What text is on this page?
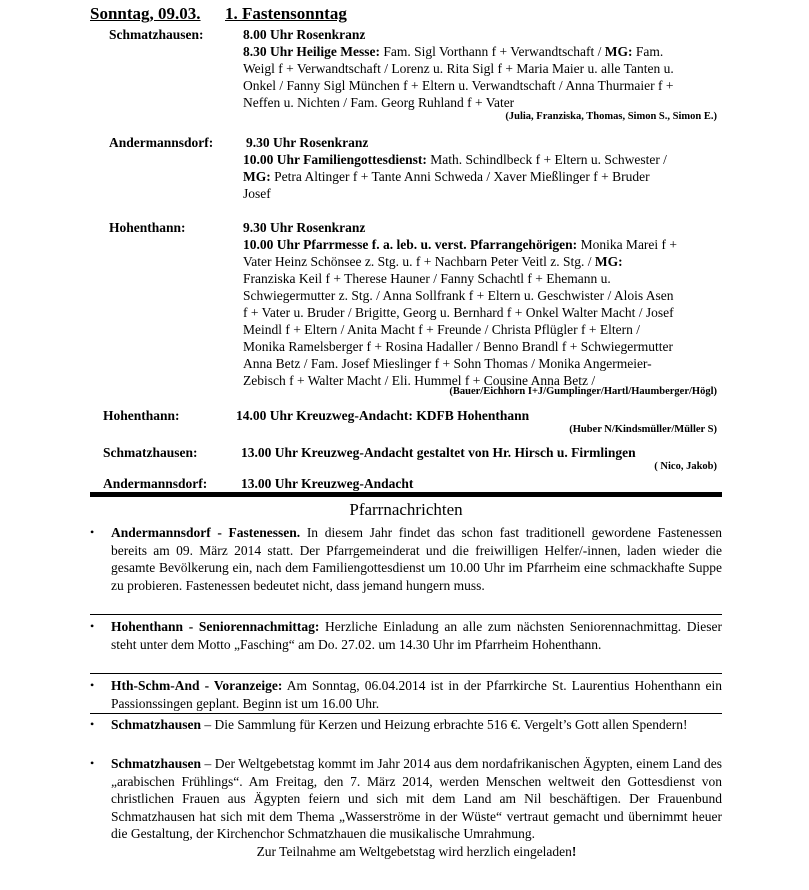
Sonntag, 09.03. 1. Fastensonntag
Schmatzhausen:	8.00 Uhr Rosenkranz
8.30 Uhr Heilige Messe: Fam. Sigl Vorthann f + Verwandtschaft / MG: Fam.
Weigl f + Verwandtschaft / Lorenz u. Rita Sigl f + Maria Maier u. alle Tanten u.
Onkel / Fanny Sigl München f + Eltern u. Verwandtschaft / Anna Thurmaier f +
Neffen u. Nichten / Fam. Georg Ruhland f + Vater
(Julia, Franziska, Thomas, Simon S., Simon E.)
Andermannsdorf: 9.30 Uhr Rosenkranz
10.00 Uhr Familiengottesdienst: Math. Schindlbeck f + Eltern u. Schwester /
MG: Petra Altinger f + Tante Anni Schweda / Xaver Mießlinger f + Bruder
Josef
Hohenthann:	9.30 Uhr Rosenkranz
10.00 Uhr Pfarrmesse f. a. leb. u. verst. Pfarrangehörigen: Monika Marei f +
Vater Heinz Schönsee z. Stg. u. f + Nachbarn Peter Veitl z. Stg. / MG:
Franziska Keil f + Therese Hauner / Fanny Schachtl f + Ehemann u.
Schwiegermutter z. Stg. / Anna Sollfrank f + Eltern u. Geschwister / Alois Asen
f + Vater u. Bruder / Brigitte, Georg u. Bernhard f + Onkel Walter Macht / Josef
Meindl f + Eltern / Anita Macht f + Freunde / Christa Pflügler f + Eltern /
Monika Ramelsberger f + Rosina Hadaller / Benno Brandl f + Schwiegermutter
Anna Betz / Fam. Josef Mieslinger f + Sohn Thomas / Monika Angermeier-
Zebisch f + Walter Macht / Eli. Hummel f + Cousine Anna Betz /
(Bauer/Eichhorn I+J/Gumplinger/Hartl/Haumberger/Högl)
Hohenthann:	14.00 Uhr Kreuzweg-Andacht: KDFB Hohenthann
(Huber N/Kindsmüller/Müller S)
Schmatzhausen:	13.00 Uhr Kreuzweg-Andacht gestaltet von Hr. Hirsch u. Firmlingen
( Nico, Jakob)
Andermannsdorf: 13.00 Uhr Kreuzweg-Andacht
Pfarrnachrichten
• Andermannsdorf - Fastenessen. In diesem Jahr findet das schon fast traditionell gewordene Fastenessen bereits am 09. März 2014 statt. Der Pfarrgemeinderat und die freiwilligen Helfer/-innen, laden wieder die gesamte Bevölkerung ein, nach dem Familiengottesdienst um 10.00 Uhr im Pfarrheim eine schmackhafte Suppe zu probieren. Fastenessen bedeutet nicht, dass jemand hungern muss.
• Hohenthann - Seniorennachmittag: Herzliche Einladung an alle zum nächsten Seniorennachmittag. Dieser steht unter dem Motto „Fasching“ am Do. 27.02. um 14.30 Uhr im Pfarrheim Hohenthann.
• Hth-Schm-And - Voranzeige: Am Sonntag, 06.04.2014 ist in der Pfarrkirche St. Laurentius Hohenthann ein Passionssingen geplant. Beginn ist um 16.00 Uhr.
• Schmatzhausen – Die Sammlung für Kerzen und Heizung erbrachte 516 €. Vergelt’s Gott allen Spendern!
• Schmatzhausen – Der Weltgebetstag kommt im Jahr 2014 aus dem nordafrikanischen Ägypten, einem Land des „arabischen Frühlings“. Am Freitag, den 7. März 2014, werden Menschen weltweit den Gottesdienst von christlichen Frauen aus Ägypten feiern und sich mit dem Land am Nil beschäftigen. Der Frauenbund Schmatzhausen hat sich mit dem Thema „Wasserströme in der Wüste“ vertraut gemacht und übernimmt heuer die Gestaltung, der Kirchenchor Schmatzhauen die musikalische Umrahmung.
Zur Teilnahme am Weltgebetstag wird herzlich eingeladen!
